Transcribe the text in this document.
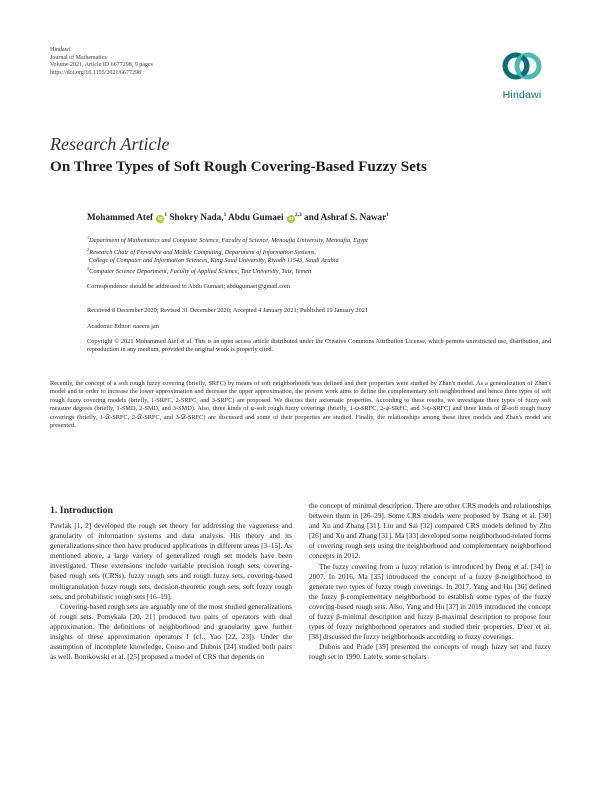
Hindawi
Journal of Mathematics
Volume 2021, Article ID 6677298, 9 pages
https://doi.org/10.1155/2021/6677298
Hindawi
Research Article
On Three Types of Soft Rough Covering-Based Fuzzy Sets
Mohammed Atef $iD^1$ Shokry Nada,$^1$ Abdu Gumaei iD$^{2,3}$ and Ashraf S. Nawar$^1$
$^1$Department of Mathematics and Computer Science, Faculty of Science, Menoufia University, Menoufia, Egypt
$^2$Research Chair of Pervasive and Mobile Computing, Department of Information Systems,
College of Computer and Information Sciences, King Saud University, Riyadh 11543, Saudi Arabia
$^3$Computer Science Department, Faculty of Applied Science, Taiz University, Taiz, Yemen
Correspondence should be addressed to Abdu Gumaei; abdugumaei@gmail.com
Received 8 December 2020; Revised 31 December 2020; Accepted 4 January 2021; Published 19 January 2021
Academic Editor: naeem jan
Copyright © 2021 Mohammed Atef et al. This is an open access article distributed under the Creative Commons Attribution License, which permits unrestricted use, distribution, and reproduction in any medium, provided the original work is properly cited.
Recently, the concept of a soft rough fuzzy covering (briefly, SRFC) by means of soft neighborhoods was defined and their properties were studied by Zhan's model. As a generalization of Zhan's model and in order to increase the lower approximation and decrease the upper approximation, the present work aims to define the complementary soft neighborhood and hence three types of soft rough fuzzy covering models (briefly, 1-SRFC, 2-SRFC, and 3-SRFC) are proposed. We discuss their axiomatic properties. According to these results, we investigate three types of fuzzy soft measure degrees (briefly, 1-SMD, 2-SMD, and 3-SMD). Also, three kinds of ψ-soft rough fuzzy coverings (briefly, 1-ψ-SRFC, 2-ψ-SRFC, and 3-ψ-SRFC) and three kinds of 𝒟-soft rough fuzzy coverings (briefly, 1-𝒟-SRFC, 2-𝒟-SRFC, and 3-𝒟-SRFC) are discussed and some of their properties are studied. Finally, the relationships among these three models and Zhan's model are presented.
1. Introduction

Pawlak [1, 2] developed the rough set theory for addressing the vagueness and granularity of information systems and data analysis. His theory and its generalizations since then have produced applications in different areas [3–15]. As mentioned above, a large variety of generalized rough set models have been investigated. These extensions include variable precision rough sets, covering-based rough sets (CRSs), fuzzy rough sets and rough fuzzy sets, covering-based multigranulation fuzzy rough sets, decision-theoretic rough sets, soft fuzzy rough sets, and probabilistic rough sets [16–19].

Covering-based rough sets are arguably one of the most studied generalizations of rough sets. Pomykała [20, 21] produced two pairs of operators with dual approximation. The definitions of neighborhood and granularity gave further insights of these approximation operators I (cf., Yao [22, 23]). Under the assumption of incomplete knowledge, Couso and Dubois [24] studied both pairs as well. Bonikowski et al. [25] proposed a model of CRS that depends on

the concept of minimal description. There are other CRS models and relationships between them in [26–29]. Some CRS models were proposed by Tsang et al. [30] and Xu and Zhang [31]. Liu and Sai [32] compared CRS models defined by Zhu [26] and Xu and Zhang [31]. Ma [33] developed some neighborhood-related forms of covering rough sets using the neighborhood and complementary neighborhood concepts in 2012.

The fuzzy covering from a fuzzy relation is introduced by Deng et al. [34] in 2007. In 2016, Ma [35] introduced the concept of a fuzzy β-neighborhood to generate two types of fuzzy rough coverings. In 2017, Yang and Hu [36] defined the fuzzy β-complementary neighborhood to establish some types of the fuzzy covering-based rough sets. Also, Yang and Hu [37] in 2019 introduced the concept of fuzzy β-minimal description and fuzzy β-maximal description to propose four types of fuzzy neighborhood operators and studied their properties. D'eer et al. [38] discussed the fuzzy neighborhoods according to fuzzy coverings.

Dubois and Prade [39] presented the concepts of rough fuzzy set and fuzzy rough set in 1990. Lately, some scholars
